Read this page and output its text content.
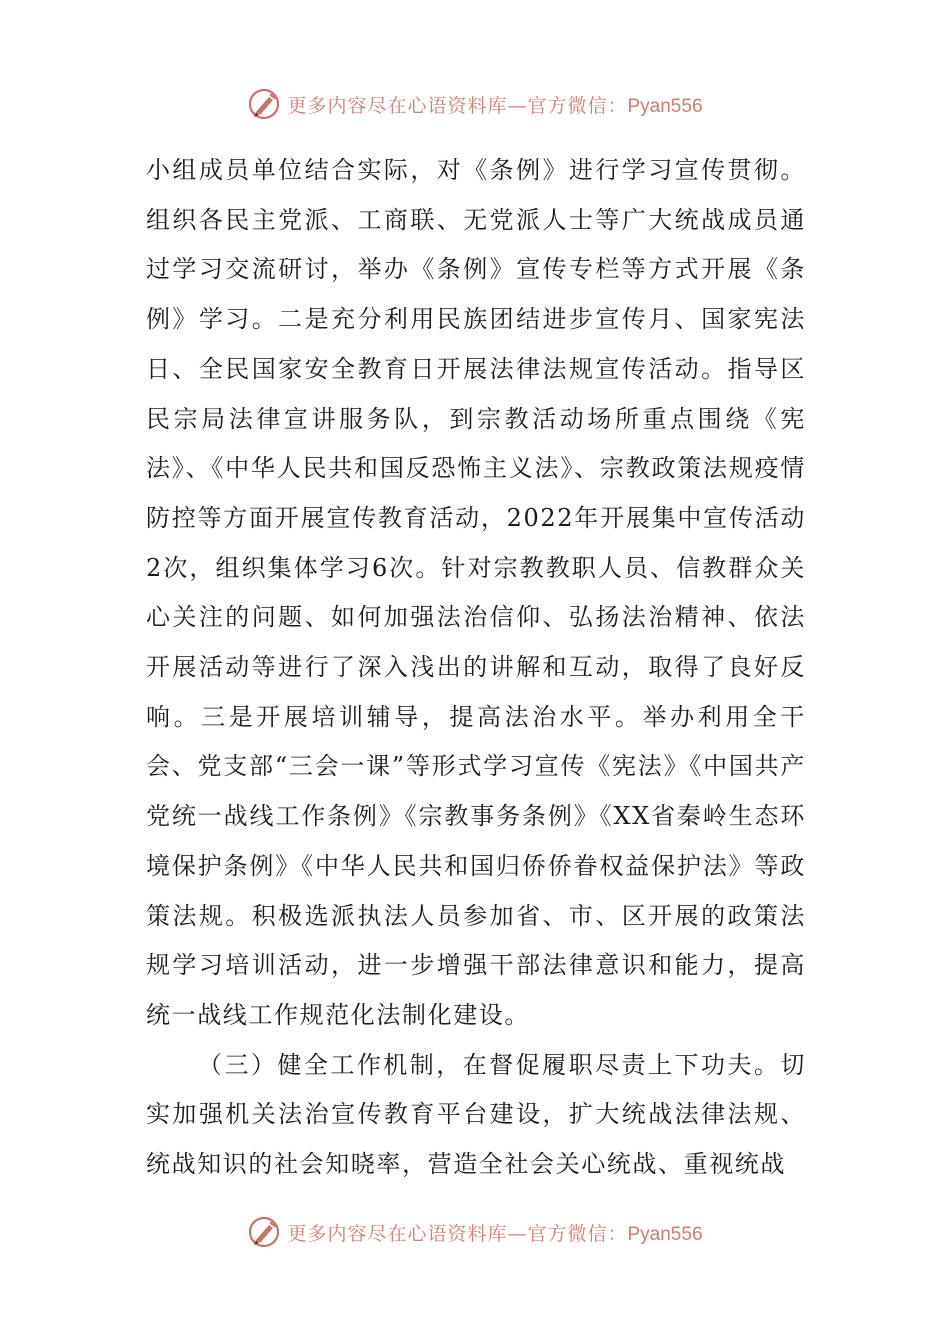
更多内容尽在心语资料库—官方微信：Pyan556

小组成员单位结合实际，对《条例》进行学习宣传贯彻。组织各民主党派、工商联、无党派人士等广大统战成员通过学习交流研讨，举办《条例》宣传专栏等方式开展《条例》学习。二是充分利用民族团结进步宣传月、国家宪法日、全民国家安全教育日开展法律法规宣传活动。指导区民宗局法律宣讲服务队，到宗教活动场所重点围绕《宪法》、《中华人民共和国反恐怖主义法》、宗教政策法规疫情防控等方面开展宣传教育活动，2022年开展集中宣传活动2次，组织集体学习6次。针对宗教教职人员、信教群众关心关注的问题、如何加强法治信仰、弘扬法治精神、依法开展活动等进行了深入浅出的讲解和互动，取得了良好反响。三是开展培训辅导，提高法治水平。举办利用全干会、党支部“三会一课”等形式学习宣传《宪法》《中国共产党统一战线工作条例》《宗教事务条例》《XX省秦岭生态环境保护条例》《中华人民共和国归侨侨眷权益保护法》等政策法规。积极选派执法人员参加省、市、区开展的政策法规学习培训活动，进一步增强干部法律意识和能力，提高统一战线工作规范化法制化建设。

（三）健全工作机制，在督促履职尽责上下功夫。切实加强机关法治宣传教育平台建设，扩大统战法律法规、统战知识的社会知晓率，营造全社会关心统战、重视统战

更多内容尽在心语资料库—官方微信：Pyan556
